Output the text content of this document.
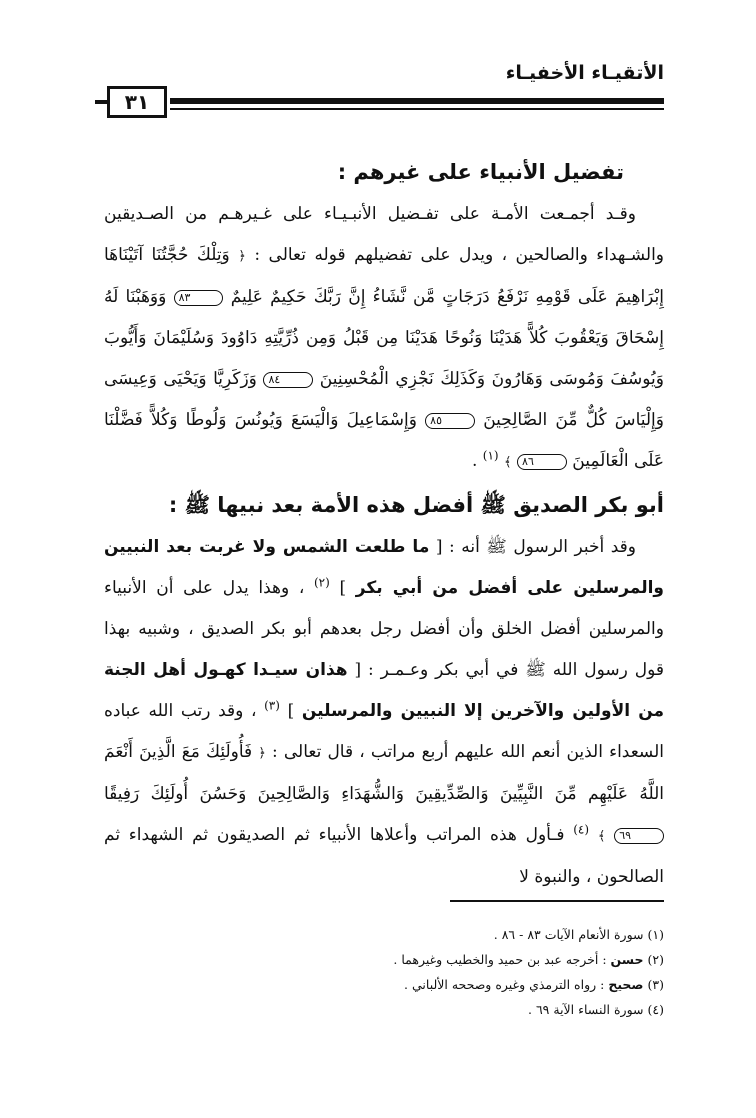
الأتقيـاء الأخفيـاء
٣١
تفضيل الأنبياء على غيرهم :

وقـد أجمـعت الأمـة على تفـضيل الأنبـيـاء على غـيرهـم من الصـديقين والشـهداء والصالحين ، ويدل على تفضيلهم قوله تعالى : ﴿ وَتِلْكَ حُجَّتُنَا آتَيْنَاهَا إِبْرَاهِيمَ عَلَى قَوْمِهِ نَرْفَعُ دَرَجَاتٍ مَّن نَّشَاءُ إِنَّ رَبَّكَ حَكِيمٌ عَلِيمٌ ٨٣ وَوَهَبْنَا لَهُ إِسْحَاقَ وَيَعْقُوبَ كُلاًّ هَدَيْنَا وَنُوحًا هَدَيْنَا مِن قَبْلُ وَمِن ذُرِّيَّتِهِ دَاوُودَ وَسُلَيْمَانَ وَأَيُّوبَ وَيُوسُفَ وَمُوسَى وَهَارُونَ وَكَذَلِكَ نَجْزِي الْمُحْسِنِينَ ٨٤ وَزَكَرِيَّا وَيَحْيَى وَعِيسَى وَإِلْيَاسَ كُلٌّ مِّنَ الصَّالِحِينَ ٨٥ وَإِسْمَاعِيلَ وَالْيَسَعَ وَيُونُسَ وَلُوطًا وَكُلاًّ فَضَّلْنَا عَلَى الْعَالَمِينَ ٨٦ ﴾ $^{(١)}$ .

أبو بكر الصديق ﷺ أفضل هذه الأمة بعد نبيها ﷺ :

وقد أخبر الرسول ﷺ أنه : [ ما طلعت الشمس ولا غربت بعد النبيين والمرسلين على أفضل من أبي بكر ] $^{(٢)}$ ، وهذا يدل على أن الأنبياء والمرسلين أفضل الخلق وأن أفضل رجل بعدهم أبو بكر الصديق ، وشبيه بهذا قول رسول الله ﷺ في أبي بكر وعـمـر : [ هذان سيـدا كهـول أهل الجنة من الأولين والآخرين إلا النبيين والمرسلين ] $^{(٣)}$ ، وقد رتب الله عباده السعداء الذين أنعم الله عليهم أربع مراتب ، قال تعالى : ﴿ فَأُولَئِكَ مَعَ الَّذِينَ أَنْعَمَ اللَّهُ عَلَيْهِم مِّنَ النَّبِيِّينَ وَالصِّدِّيقِينَ وَالشُّهَدَاءِ وَالصَّالِحِينَ وَحَسُنَ أُولَئِكَ رَفِيقًا ٦٩ ﴾ $^{(٤)}$ فـأول هذه المراتب وأعلاها الأنبياء ثم الصديقون ثم الشهداء ثم الصالحون ، والنبوة لا

(١) سورة الأنعام الآيات ٨٣ - ٨٦ .

(٢) حسن : أخرجه عبد بن حميد والخطيب وغيرهما .

(٣) صحيح : رواه الترمذي وغيره وصححه الألباني .

(٤) سورة النساء الآية ٦٩ .
